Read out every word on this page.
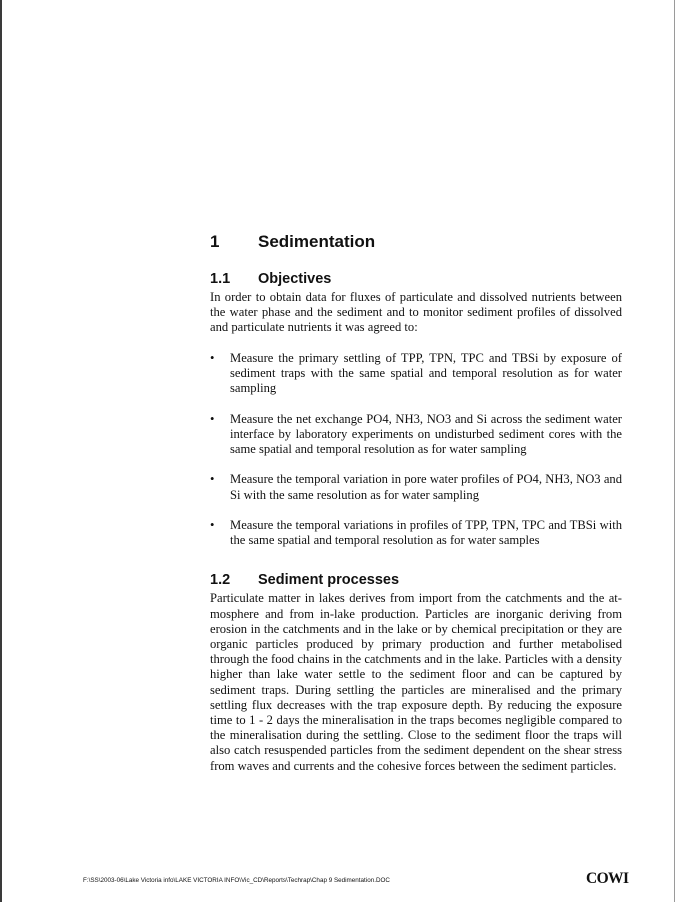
1	Sedimentation
1.1	Objectives

In order to obtain data for fluxes of particulate and dissolved nutrients between the water phase and the sediment and to monitor sediment profiles of dissolved and particulate nutrients it was agreed to:

• Measure the primary settling of TPP, TPN, TPC and TBSi by exposure of sediment traps with the same spatial and temporal resolution as for water sampling
• Measure the net exchange PO4, NH3, NO3 and Si across the sediment water interface by laboratory experiments on undisturbed sediment cores with the same spatial and temporal resolution as for water sampling
• Measure the temporal variation in pore water profiles of PO4, NH3, NO3 and Si with the same resolution as for water sampling
• Measure the temporal variations in profiles of TPP, TPN, TPC and TBSi with the same spatial and temporal resolution as for water samples
1.2	Sediment processes

Particulate matter in lakes derives from import from the catchments and the atmosphere and from in-lake production. Particles are inorganic deriving from erosion in the catchments and in the lake or by chemical precipitation or they are organic particles produced by primary production and further metabolised through the food chains in the catchments and in the lake. Particles with a density higher than lake water settle to the sediment floor and can be captured by sediment traps. During settling the particles are mineralised and the primary settling flux decreases with the trap exposure depth. By reducing the exposure time to 1 - 2 days the mineralisation in the traps becomes negligible compared to the mineralisation during the settling. Close to the sediment floor the traps will also catch resuspended particles from the sediment dependent on the shear stress from waves and currents and the cohesive forces between the sediment particles.

F:\SS\2003-06\Lake Victoria info\LAKE VICTORIA INFO\Vic_CD\Reports\Techrap\Chap 9 Sedimentation.DOC	COWI
